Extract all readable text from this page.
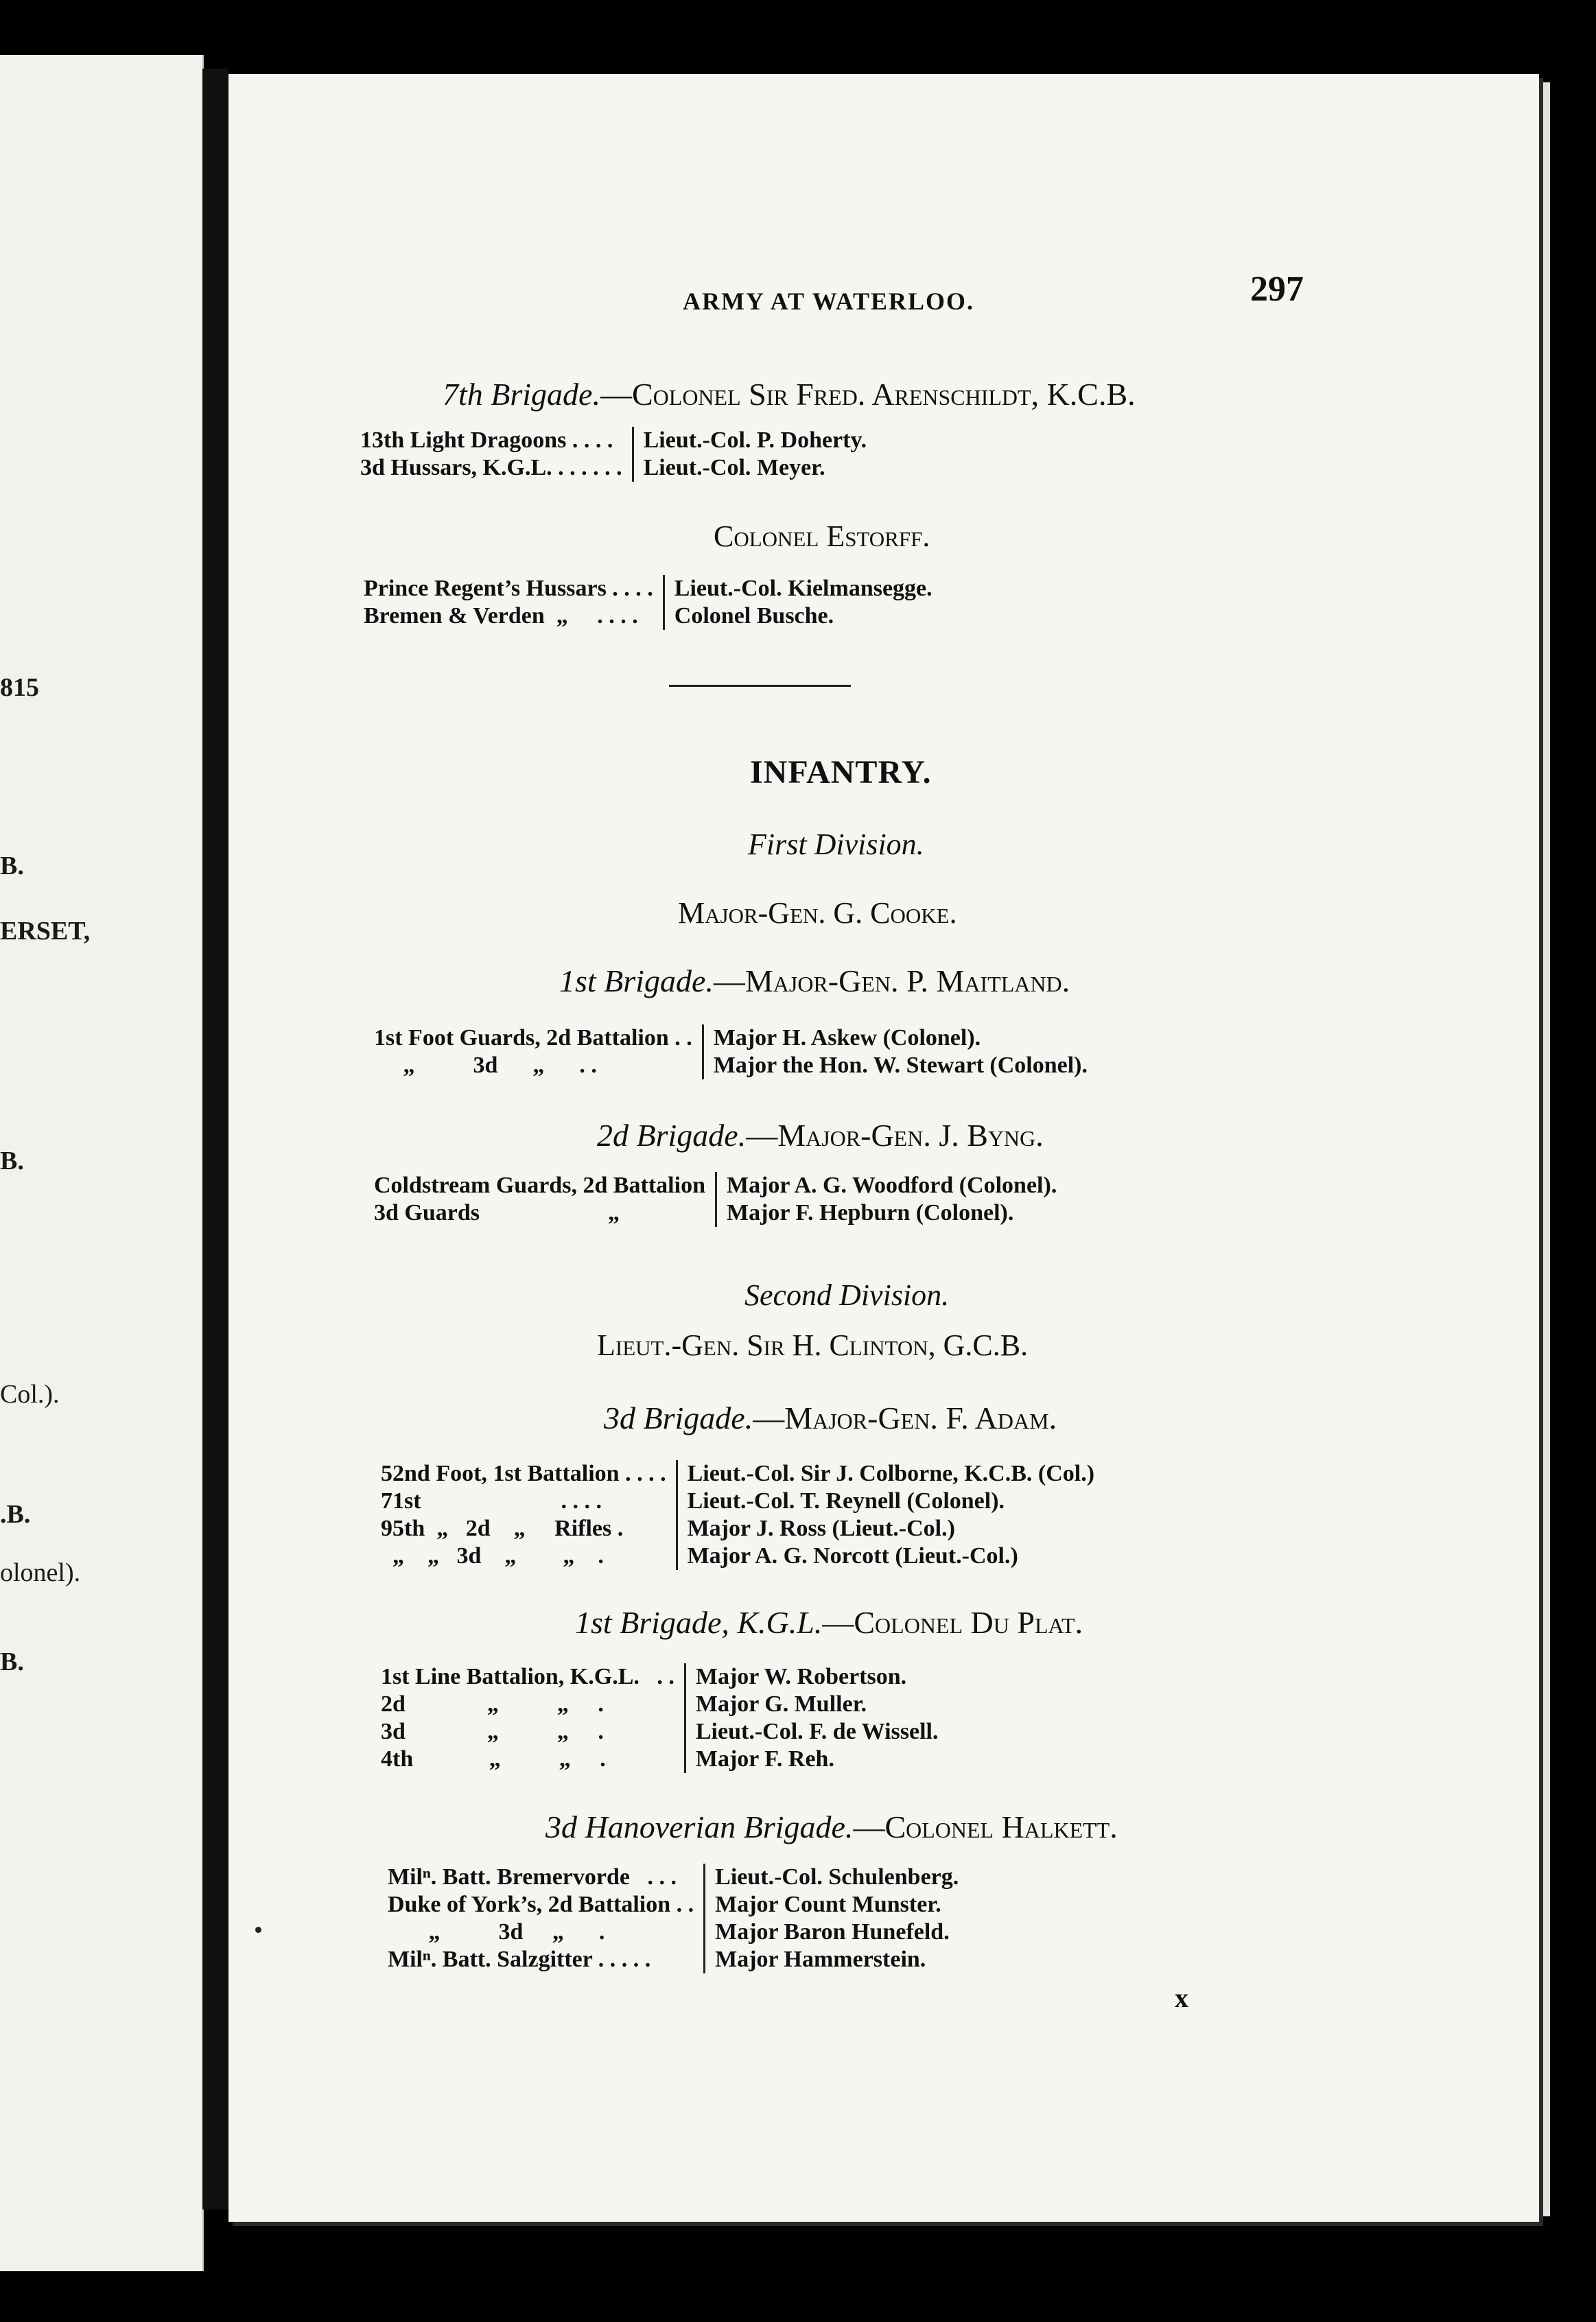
815
B.
ERSET,
B.
Col.).
.B.
olonel).
B.
ARMY AT WATERLOO.	297
7th Brigade.—Colonel Sir Fred. Arenschildt, K.C.B.
13th Light Dragoons . . . .
3d Hussars, K.G.L. . . . . . .
Lieut.-Col. P. Doherty.
Lieut.-Col. Meyer.
Colonel Estorff.
Prince Regent’s Hussars . . . .
Bremen & Verden  „     . . . .
Lieut.-Col. Kielmansegge.
Colonel Busche.
INFANTRY.
First Division.
Major-Gen. G. Cooke.
1st Brigade.—Major-Gen. P. Maitland.
1st Foot Guards, 2d Battalion . .
„          3d      „      . .
Major H. Askew (Colonel).
Major the Hon. W. Stewart (Colonel).
2d Brigade.—Major-Gen. J. Byng.
Coldstream Guards, 2d Battalion
3d Guards                      „
Major A. G. Woodford (Colonel).
Major F. Hepburn (Colonel).
Second Division.
Lieut.-Gen. Sir H. Clinton, G.C.B.
3d Brigade.—Major-Gen. F. Adam.
52nd Foot, 1st Battalion . . . .
71st                        . . . .
95th  „   2d    „     Rifles .
„    „   3d    „        „    .
Lieut.-Col. Sir J. Colborne, K.C.B. (Col.)
Lieut.-Col. T. Reynell (Colonel).
Major J. Ross (Lieut.-Col.)
Major A. G. Norcott (Lieut.-Col.)
1st Brigade, K.G.L.—Colonel Du Plat.
1st Line Battalion, K.G.L.   . .
2d              „          „     .
3d              „          „     .
4th             „          „     .
Major W. Robertson.
Major G. Muller.
Lieut.-Col. F. de Wissell.
Major F. Reh.
3d Hanoverian Brigade.—Colonel Halkett.
Milⁿ. Batt. Bremervorde   . . .
Duke of York’s, 2d Battalion . .
„          3d     „      .
Milⁿ. Batt. Salzgitter . . . . .
Lieut.-Col. Schulenberg.
Major Count Munster.
Major Baron Hunefeld.
Major Hammerstein.
x
